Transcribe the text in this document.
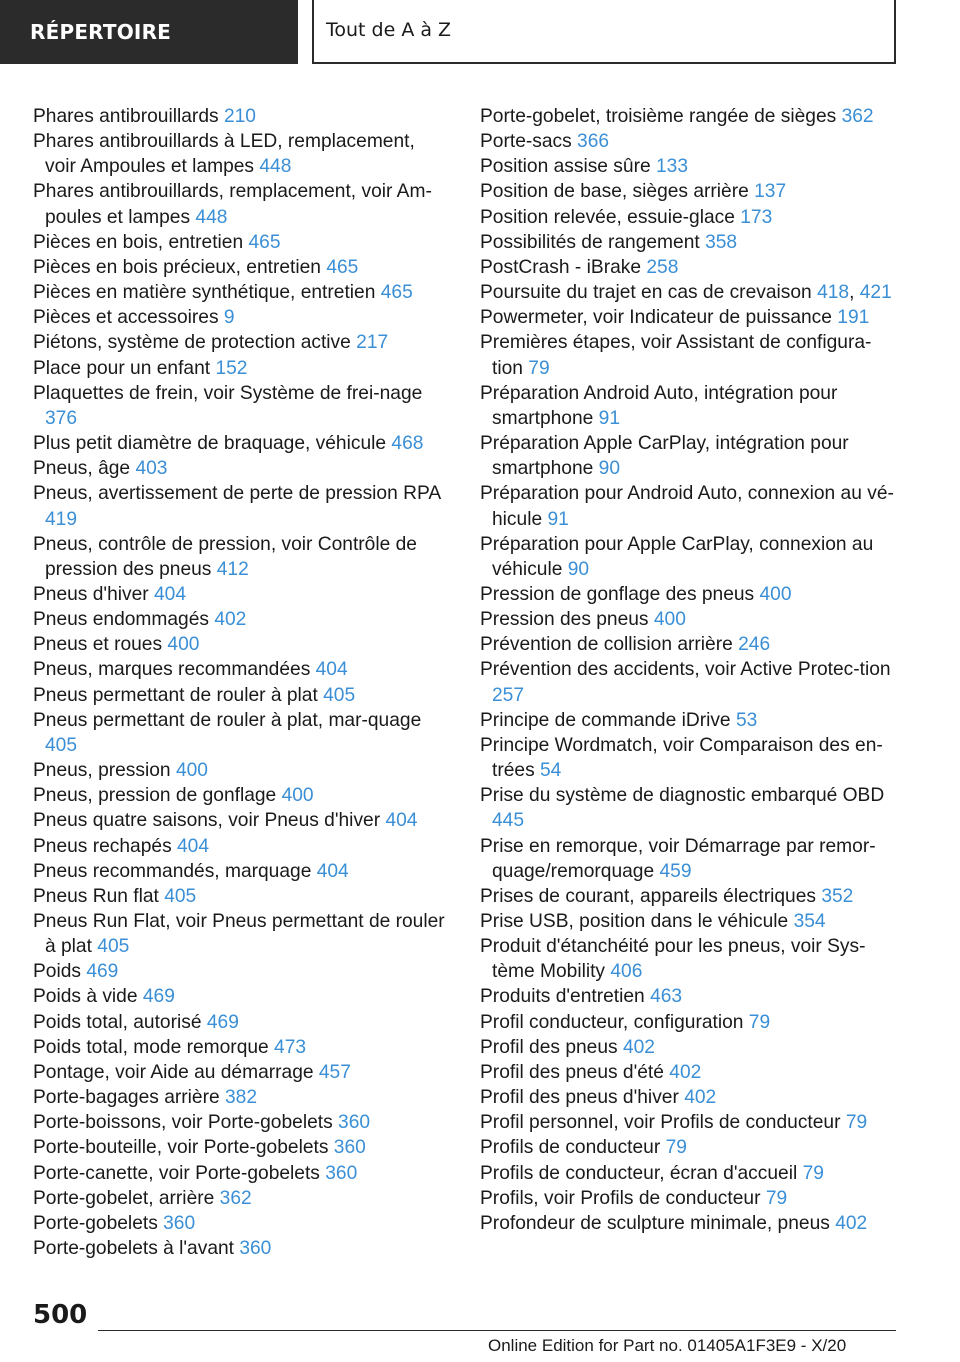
RÉPERTOIRE	Tout de A à Z
Phares antibrouillards 210
Phares antibrouillards à LED, remplacement, voir Ampoules et lampes 448
Phares antibrouillards, remplacement, voir Am‐poules et lampes 448
Pièces en bois, entretien 465
Pièces en bois précieux, entretien 465
Pièces en matière synthétique, entretien 465
Pièces et accessoires 9
Piétons, système de protection active 217
Place pour un enfant 152
Plaquettes de frein, voir Système de frei‐nage 376
Plus petit diamètre de braquage, véhicule 468
Pneus, âge 403
Pneus, avertissement de perte de pression RPA 419
Pneus, contrôle de pression, voir Contrôle de pression des pneus 412
Pneus d'hiver 404
Pneus endommagés 402
Pneus et roues 400
Pneus, marques recommandées 404
Pneus permettant de rouler à plat 405
Pneus permettant de rouler à plat, mar‐quage 405
Pneus, pression 400
Pneus, pression de gonflage 400
Pneus quatre saisons, voir Pneus d'hiver 404
Pneus rechapés 404
Pneus recommandés, marquage 404
Pneus Run flat 405
Pneus Run Flat, voir Pneus permettant de rouler à plat 405
Poids 469
Poids à vide 469
Poids total, autorisé 469
Poids total, mode remorque 473
Pontage, voir Aide au démarrage 457
Porte-bagages arrière 382
Porte-boissons, voir Porte-gobelets 360
Porte-bouteille, voir Porte-gobelets 360
Porte-canette, voir Porte-gobelets 360
Porte-gobelet, arrière 362
Porte-gobelets 360
Porte-gobelets à l'avant 360
Porte-gobelet, troisième rangée de sièges 362
Porte-sacs 366
Position assise sûre 133
Position de base, sièges arrière 137
Position relevée, essuie-glace 173
Possibilités de rangement 358
PostCrash - iBrake 258
Poursuite du trajet en cas de crevaison 418, 421
Powermeter, voir Indicateur de puissance 191
Premières étapes, voir Assistant de configura‐tion 79
Préparation Android Auto, intégration pour smartphone 91
Préparation Apple CarPlay, intégration pour smartphone 90
Préparation pour Android Auto, connexion au vé‐hicule 91
Préparation pour Apple CarPlay, connexion au véhicule 90
Pression de gonflage des pneus 400
Pression des pneus 400
Prévention de collision arrière 246
Prévention des accidents, voir Active Protec‐tion 257
Principe de commande iDrive 53
Principe Wordmatch, voir Comparaison des en‐trées 54
Prise du système de diagnostic embarqué OBD 445
Prise en remorque, voir Démarrage par remor‐quage/remorquage 459
Prises de courant, appareils électriques 352
Prise USB, position dans le véhicule 354
Produit d'étanchéité pour les pneus, voir Sys‐tème Mobility 406
Produits d'entretien 463
Profil conducteur, configuration 79
Profil des pneus 402
Profil des pneus d'été 402
Profil des pneus d'hiver 402
Profil personnel, voir Profils de conducteur 79
Profils de conducteur 79
Profils de conducteur, écran d'accueil 79
Profils, voir Profils de conducteur 79
Profondeur de sculpture minimale, pneus 402
500
Online Edition for Part no. 01405A1F3E9 - X/20
